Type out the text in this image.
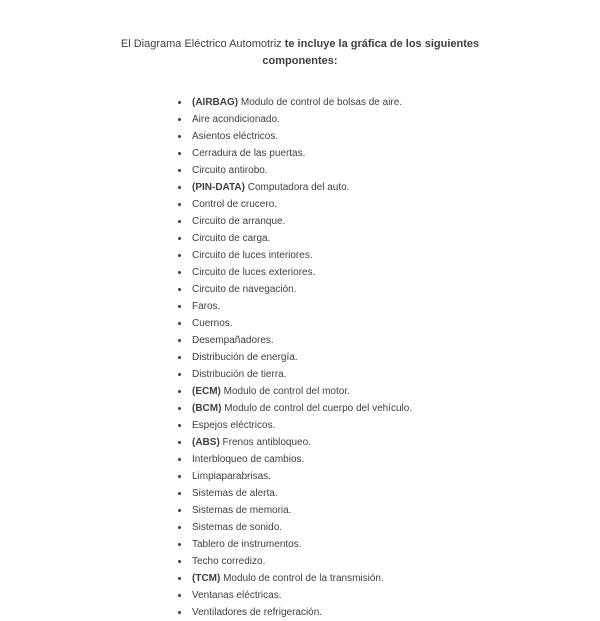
El Diagrama Eléctrico Automotriz te incluye la gráfica de los siguientes
componentes:
• (AIRBAG) Modulo de control de bolsas de aire.
• Aire acondicionado.
• Asientos eléctricos.
• Cerradura de las puertas.
• Circuito antirobo.
• (PIN-DATA) Computadora del auto.
• Control de crucero.
• Circuito de arranque.
• Circuito de carga.
• Circuito de luces interiores.
• Circuito de luces exteriores.
• Circuito de navegación.
• Faros.
• Cuernos.
• Desempañadores.
• Distribución de energía.
• Distribución de tierra.
• (ECM) Modulo de control del motor.
• (BCM) Modulo de control del cuerpo del vehículo.
• Espejos eléctricos.
• (ABS) Frenos antibloqueo.
• Interbloqueo de cambios.
• Limpiaparabrisas.
• Sistemas de alerta.
• Sistemas de memoria.
• Sistemas de sonido.
• Tablero de instrumentos.
• Techo corredizo.
• (TCM) Modulo de control de la transmisión.
• Ventanas eléctricas.
• Ventiladores de refrigeración.
